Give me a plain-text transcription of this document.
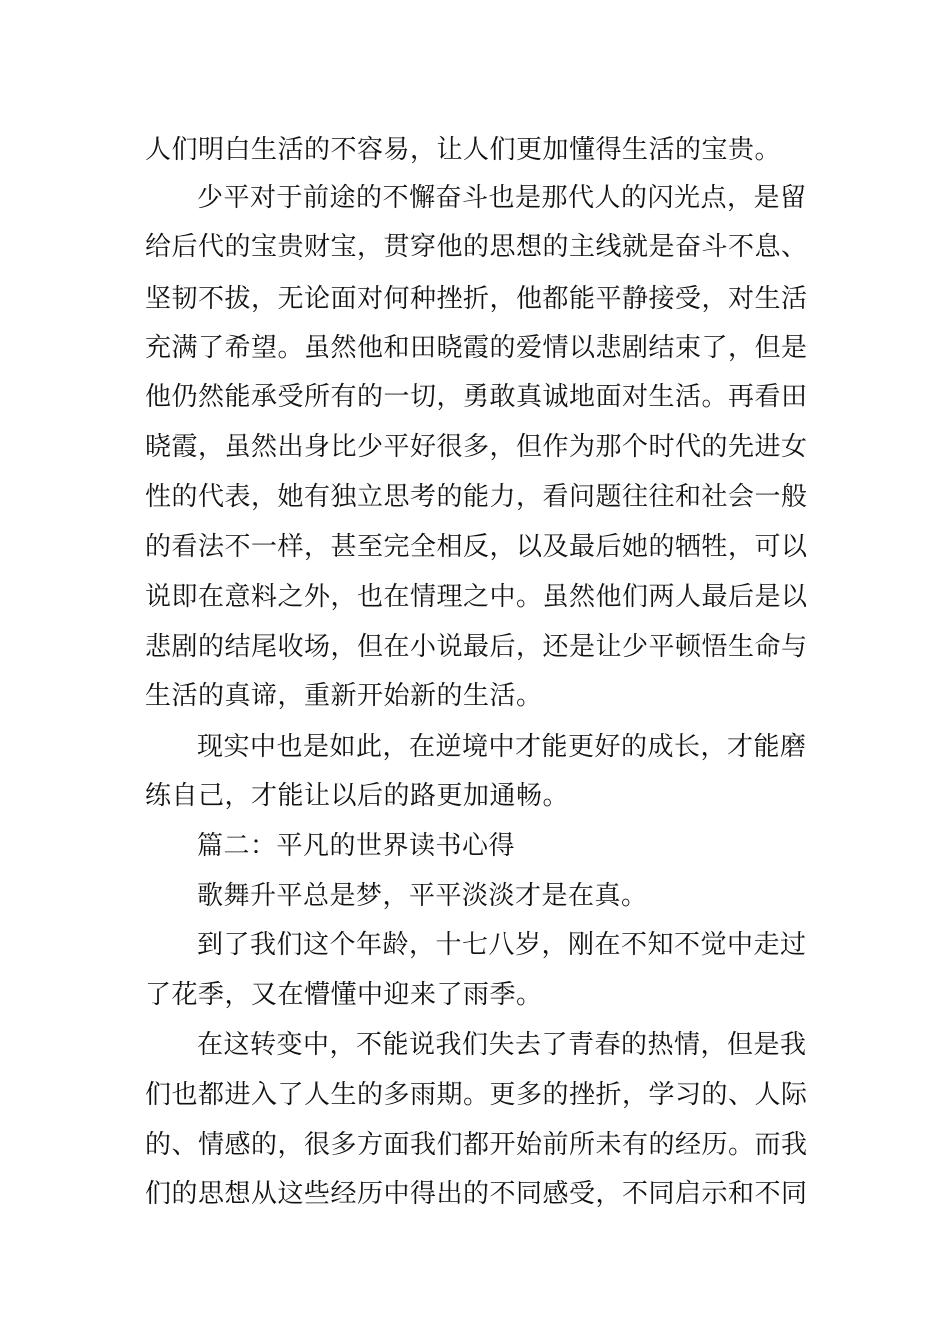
人们明白生活的不容易，让人们更加懂得生活的宝贵。
少平对于前途的不懈奋斗也是那代人的闪光点，是留
给后代的宝贵财宝，贯穿他的思想的主线就是奋斗不息、
坚韧不拔，无论面对何种挫折，他都能平静接受，对生活
充满了希望。虽然他和田晓霞的爱情以悲剧结束了，但是
他仍然能承受所有的一切，勇敢真诚地面对生活。再看田
晓霞，虽然出身比少平好很多，但作为那个时代的先进女
性的代表，她有独立思考的能力，看问题往往和社会一般
的看法不一样，甚至完全相反，以及最后她的牺牲，可以
说即在意料之外，也在情理之中。虽然他们两人最后是以
悲剧的结尾收场，但在小说最后，还是让少平顿悟生命与
生活的真谛，重新开始新的生活。
现实中也是如此，在逆境中才能更好的成长，才能磨
练自己，才能让以后的路更加通畅。
篇二：平凡的世界读书心得
歌舞升平总是梦，平平淡淡才是在真。
到了我们这个年龄，十七八岁，刚在不知不觉中走过
了花季，又在懵懂中迎来了雨季。
在这转变中，不能说我们失去了青春的热情，但是我
们也都进入了人生的多雨期。更多的挫折，学习的、人际
的、情感的，很多方面我们都开始前所未有的经历。而我
们的思想从这些经历中得出的不同感受，不同启示和不同
